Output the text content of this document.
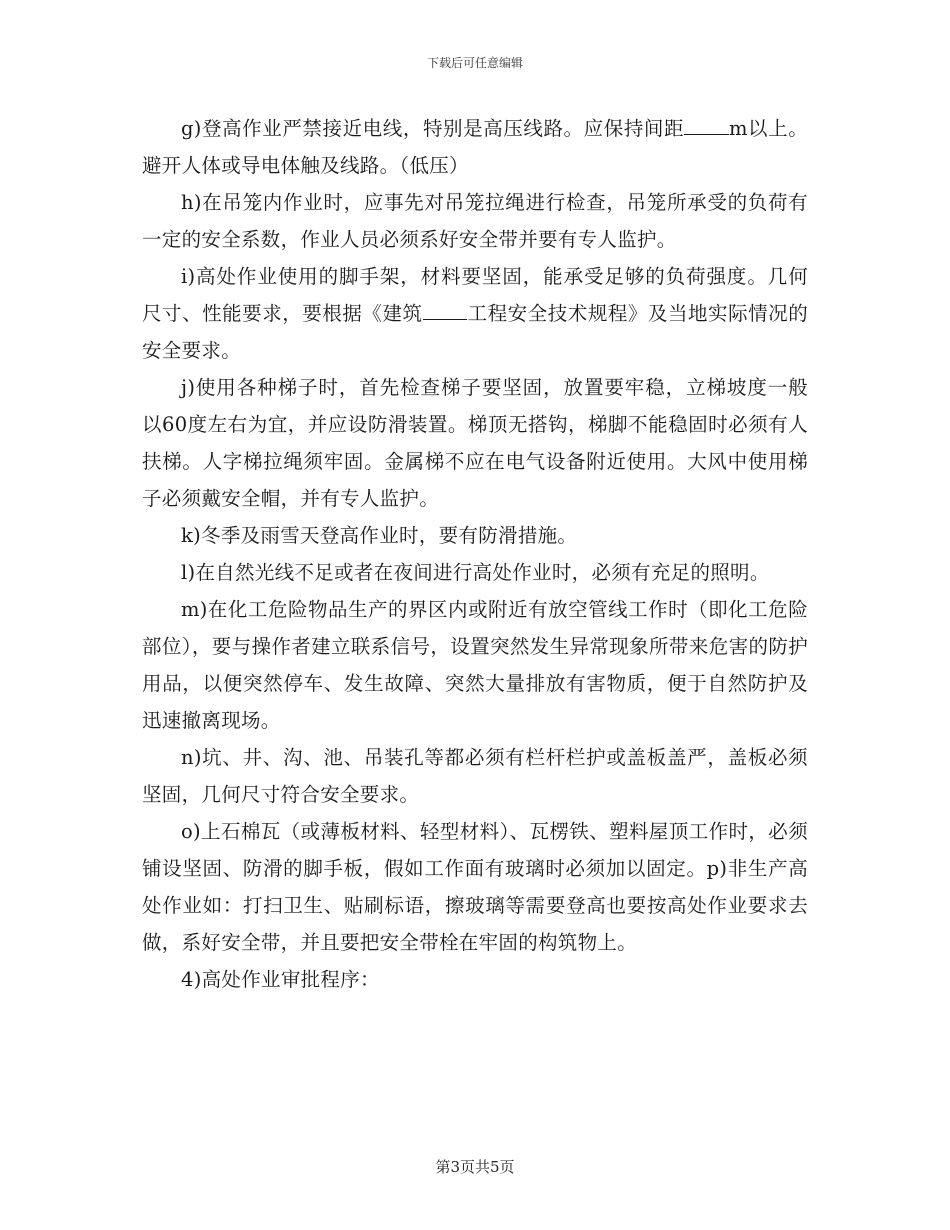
下载后可任意编辑

g)登高作业严禁接近电线，特别是高压线路。应保持间距 m以上。避开人体或导电体触及线路。（低压）

h)在吊笼内作业时，应事先对吊笼拉绳进行检查，吊笼所承受的负荷有一定的安全系数，作业人员必须系好安全带并要有专人监护。

i)高处作业使用的脚手架，材料要坚固，能承受足够的负荷强度。几何尺寸、性能要求，要根据《建筑 工程安全技术规程》及当地实际情况的安全要求。

j)使用各种梯子时，首先检查梯子要坚固，放置要牢稳，立梯坡度一般以60度左右为宜，并应设防滑装置。梯顶无搭钩，梯脚不能稳固时必须有人扶梯。人字梯拉绳须牢固。金属梯不应在电气设备附近使用。大风中使用梯子必须戴安全帽，并有专人监护。

k)冬季及雨雪天登高作业时，要有防滑措施。

l)在自然光线不足或者在夜间进行高处作业时，必须有充足的照明。

m)在化工危险物品生产的界区内或附近有放空管线工作时（即化工危险部位），要与操作者建立联系信号，设置突然发生异常现象所带来危害的防护用品，以便突然停车、发生故障、突然大量排放有害物质，便于自然防护及迅速撤离现场。

n)坑、井、沟、池、吊装孔等都必须有栏杆栏护或盖板盖严，盖板必须坚固，几何尺寸符合安全要求。

o)上石棉瓦（或薄板材料、轻型材料）、瓦楞铁、塑料屋顶工作时，必须铺设坚固、防滑的脚手板，假如工作面有玻璃时必须加以固定。p)非生产高处作业如：打扫卫生、贴刷标语，擦玻璃等需要登高也要按高处作业要求去做，系好安全带，并且要把安全带栓在牢固的构筑物上。

4)高处作业审批程序：

第3页共5页
